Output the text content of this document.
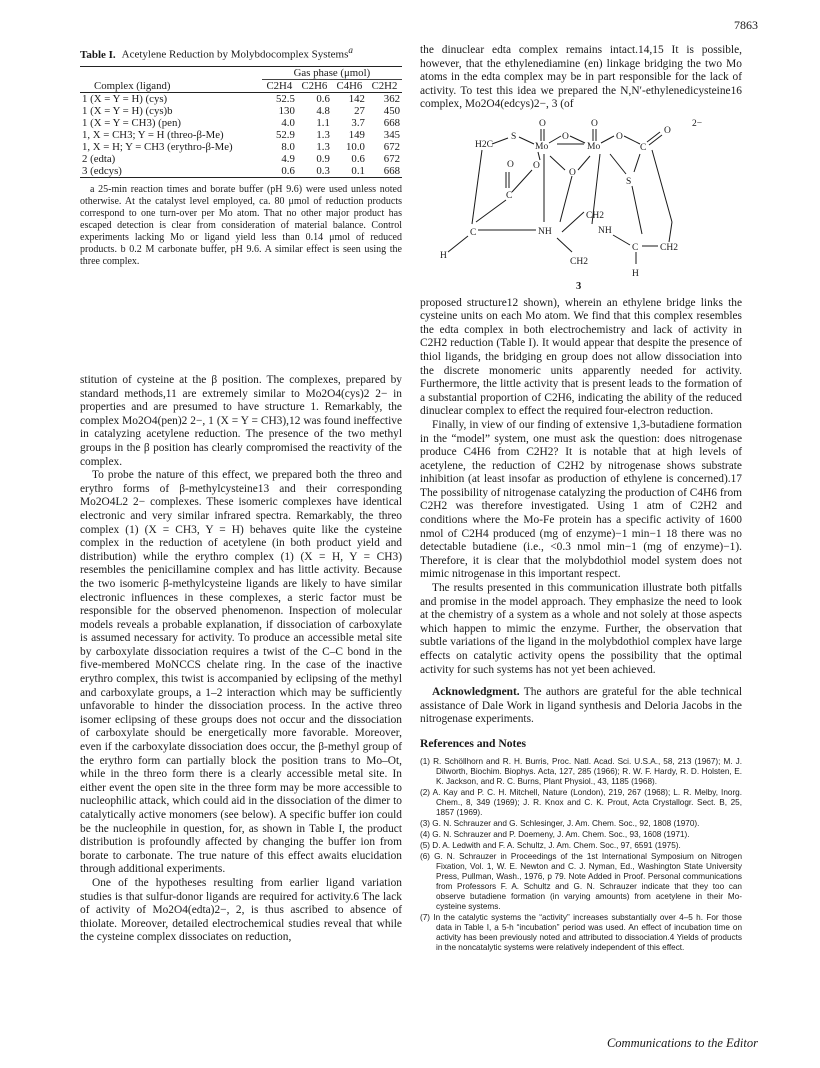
7863
Table I. Acetylene Reduction by Molybdocomplex Systems$^a$
Complex (ligand)	Gas phase (μmol)			
	C2H4	C2H6	C4H6	C2H2
1 (X = Y = H) (cys)	52.5	0.6	142	362
1 (X = Y = H) (cys)b	130	4.8	27	450
1 (X = Y = CH3) (pen)	4.0	1.1	3.7	668
1, X = CH3; Y = H (threo-β-Me)	52.9	1.3	149	345
1, X = H; Y = CH3 (erythro-β-Me)	8.0	1.3	10.0	672
2 (edta)	4.9	0.9	0.6	672
3 (edcys)	0.6	0.3	0.1	668
a 25-min reaction times and borate buffer (pH 9.6) were used unless noted otherwise. At the catalyst level employed, ca. 80 μmol of reduction products correspond to one turn-over per Mo atom. That no other major product has escaped detection is clear from consideration of material balance. Control experiments lacking Mo or ligand yield less than 0.14 μmol of reduced products. b 0.2 M carbonate buffer, pH 9.6. A similar effect is seen using the three complex.

stitution of cysteine at the β position. The complexes, prepared by standard methods,11 are extremely similar to Mo2O4(cys)2 2− in properties and are presumed to have structure 1. Remarkably, the complex Mo2O4(pen)2 2−, 1 (X = Y = CH3),12 was found ineffective in catalyzing acetylene reduction. The presence of the two methyl groups in the β position has clearly compromised the reactivity of the complex.

To probe the nature of this effect, we prepared both the threo and erythro forms of β-methylcysteine13 and their corresponding Mo2O4L2 2− complexes. These isomeric complexes have identical electronic and very similar infrared spectra. Remarkably, the threo complex (1) (X = CH3, Y = H) behaves quite like the cysteine complex in the reduction of acetylene (in both product yield and distribution) while the erythro complex (1) (X = H, Y = CH3) resembles the penicillamine complex and has little activity. Because the two isomeric β-methylcysteine ligands are likely to have similar electronic influences in these complexes, a steric factor must be responsible for the observed phenomenon. Inspection of molecular models reveals a probable explanation, if dissociation of carboxylate is assumed necessary for activity. To produce an accessible metal site by carboxylate dissociation requires a twist of the C–C bond in the five-membered MoNCCS chelate ring. In the case of the inactive erythro complex, this twist is accompanied by eclipsing of the methyl and carboxylate groups, a 1–2 interaction which may be sufficiently unfavorable to hinder the dissociation process. In the active threo isomer eclipsing of these groups does not occur and the dissociation of carboxylate should be energetically more favorable. Moreover, even if the carboxylate dissociation does occur, the β-methyl group of the erythro form can partially block the position trans to Mo–Ot, while in the threo form there is a clearly accessible metal site. In either event the open site in the three form may be more accessible to nucleophilic attack, which could aid in the dissociation of the dimer to catalytically active monomers (see below). A specific buffer ion could be the nucleophile in question, for, as shown in Table I, the product distribution is profoundly affected by changing the buffer ion from borate to carbonate. The true nature of this effect awaits elucidation through additional experiments.

One of the hypotheses resulting from earlier ligand variation studies is that sulfur-donor ligands are required for activity.6 The lack of activity of Mo2O4(edta)2−, 2, is thus ascribed to absence of thiolate. Moreover, detailed electrochemical studies reveal that while the cysteine complex dissociates on reduction,

the dinuclear edta complex remains intact.14,15 It is possible, however, that the ethylenediamine (en) linkage bridging the two Mo atoms in the edta complex may be in part responsible for the lack of activity. To test this idea we prepared the N,N′-ethylenedicysteine16 complex, Mo2O4(edcys)2−, 3 (of

O	O	2−
H2C
S
Mo
O
Mo
O
C
O
O
C
O
C
H
NH
O
CH2
CH2
NH
S
C CH2
H
3

proposed structure12 shown), wherein an ethylene bridge links the cysteine units on each Mo atom. We find that this complex resembles the edta complex in both electrochemistry and lack of activity in C2H2 reduction (Table I). It would appear that despite the presence of thiol ligands, the bridging en group does not allow dissociation into the discrete monomeric units apparently needed for activity. Furthermore, the little activity that is present leads to the formation of a substantial proportion of C2H6, indicating the ability of the reduced dinuclear complex to effect the required four-electron reduction.

Finally, in view of our finding of extensive 1,3-butadiene formation in the “model” system, one must ask the question: does nitrogenase produce C4H6 from C2H2? It is notable that at high levels of acetylene, the reduction of C2H2 by nitrogenase shows substrate inhibition (at least insofar as production of ethylene is concerned).17 The possibility of nitrogenase catalyzing the production of C4H6 from C2H2 was therefore investigated. Using 1 atm of C2H2 and conditions where the Mo-Fe protein has a specific activity of 1600 nmol of C2H4 produced (mg of enzyme)−1 min−1 18 there was no detectable butadiene (i.e., <0.3 nmol min−1 (mg of enzyme)−1). Therefore, it is clear that the molybdothiol model system does not mimic nitrogenase in this important respect.

The results presented in this communication illustrate both pitfalls and promise in the model approach. They emphasize the need to look at the chemistry of a system as a whole and not solely at those aspects which happen to mimic the enzyme. Further, the observation that subtle variations of the ligand in the molybdothiol complex have large effects on catalytic activity opens the possibility that the optimal activity for such systems has not yet been achieved.

Acknowledgment. The authors are grateful for the able technical assistance of Dale Work in ligand synthesis and Deloria Jacobs in the nitrogenase experiments.

References and Notes
(1) R. Schöllhorn and R. H. Burris, Proc. Natl. Acad. Sci. U.S.A., 58, 213 (1967); M. J. Dilworth, Biochim. Biophys. Acta, 127, 285 (1966); R. W. F. Hardy, R. D. Holsten, E. K. Jackson, and R. C. Burns, Plant Physiol., 43, 1185 (1968).
(2) A. Kay and P. C. H. Mitchell, Nature (London), 219, 267 (1968); L. R. Melby, Inorg. Chem., 8, 349 (1969); J. R. Knox and C. K. Prout, Acta Crystallogr. Sect. B, 25, 1857 (1969).
(3) G. N. Schrauzer and G. Schlesinger, J. Am. Chem. Soc., 92, 1808 (1970).
(4) G. N. Schrauzer and P. Doemeny, J. Am. Chem. Soc., 93, 1608 (1971).
(5) D. A. Ledwith and F. A. Schultz, J. Am. Chem. Soc., 97, 6591 (1975).
(6) G. N. Schrauzer in Proceedings of the 1st International Symposium on Nitrogen Fixation, Vol. 1, W. E. Newton and C. J. Nyman, Ed., Washington State University Press, Pullman, Wash., 1976, p 79. Note Added in Proof. Personal communications from Professors F. A. Schultz and G. N. Schrauzer indicate that they too can observe butadiene formation (in varying amounts) from acetylene in their Mo-cysteine systems.
(7) In the catalytic systems the “activity” increases substantially over 4–5 h. For those data in Table I, a 5-h “incubation” period was used. An effect of incubation time on activity has been previously noted and attributed to dissociation.4 Yields of products in the noncatalytic systems were relatively independent of this effect.
Communications to the Editor
